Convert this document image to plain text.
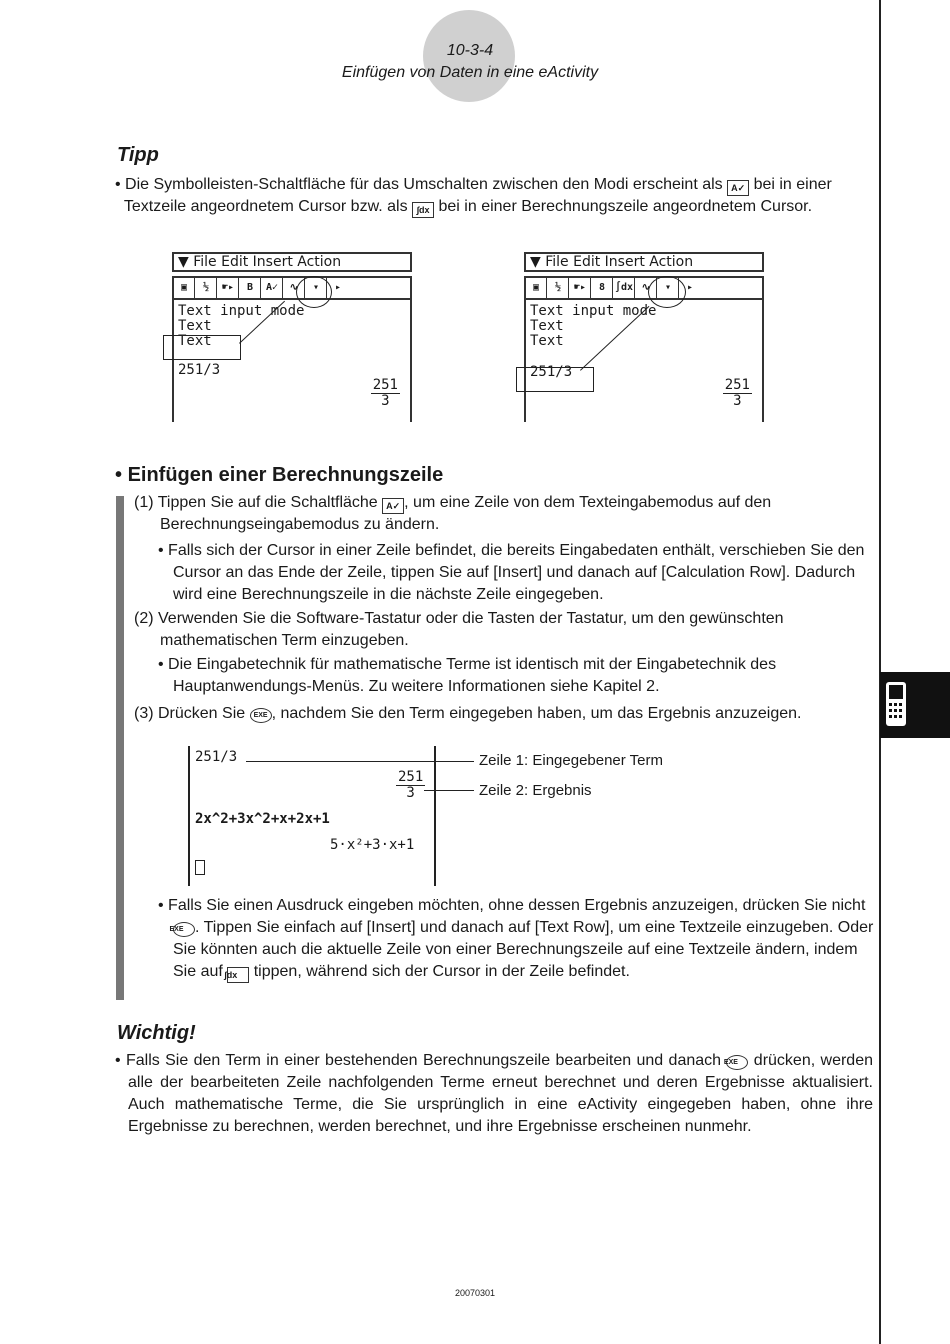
10-3-4
Einfügen von Daten in eine eActivity
Tipp
• Die Symbolleisten-Schaltfläche für das Umschalten zwischen den Modi erscheint als A✓ bei in einer
Textzeile angeordnetem Cursor bzw. als ∫dx bei in einer Berechnungszeile angeordnetem Cursor.
▼ File Edit Insert Action
▣	½	☛▸	B	A✓	∿	▾	▸
Text input mode
Text
Text
251/3
$\frac{251}{3}$
▼ File Edit Insert Action
▣	½	☛▸	8 ∫dx ∿	▾	▸
Text input mode
Text
Text
251/3
$\frac{251}{3}$
• Einfügen einer Berechnungszeile
(1) Tippen Sie auf die Schaltfläche A✓ , um eine Zeile von dem Texteingabemodus auf den
Berechnungseingabemodus zu ändern.
• Falls sich der Cursor in einer Zeile befindet, die bereits Eingabedaten enthält, verschieben Sie den Cursor an das Ende der Zeile, tippen Sie auf [Insert] und danach auf [Calculation Row]. Dadurch wird eine Berechnungszeile in die nächste Zeile eingegeben.
(2) Verwenden Sie die Software-Tastatur oder die Tasten der Tastatur, um den gewünschten mathematischen Term einzugeben.
• Die Eingabetechnik für mathematische Terme ist identisch mit der Eingabetechnik des Hauptanwendungs-Menüs. Zu weitere Informationen siehe Kapitel 2.
(3) Drücken Sie EXE , nachdem Sie den Term eingegeben haben, um das Ergebnis anzuzeigen.
251/3
$\frac{251}{3}$
2x^2+3x^2+x+2x+1
5·x²+3·x+1
Zeile 1: Eingegebener Term
Zeile 2: Ergebnis
• Falls Sie einen Ausdruck eingeben möchten, ohne dessen Ergebnis anzuzeigen, drücken Sie nicht EXE . Tippen Sie einfach auf [Insert] und danach auf [Text Row], um eine Textzeile einzugeben. Oder Sie könnten auch die aktuelle Zeile von einer Berechnungszeile auf eine Textzeile ändern, indem Sie auf ∫dx tippen, während sich der Cursor in der Zeile befindet.
Wichtig!
• Falls Sie den Term in einer bestehenden Berechnungszeile bearbeiten und danach EXE drücken, werden alle der bearbeiteten Zeile nachfolgenden Terme erneut berechnet und deren Ergebnisse aktualisiert. Auch mathematische Terme, die Sie ursprünglich in eine eActivity eingegeben haben, ohne ihre Ergebnisse zu berechnen, werden berechnet, und ihre Ergebnisse erscheinen nunmehr.
20070301
